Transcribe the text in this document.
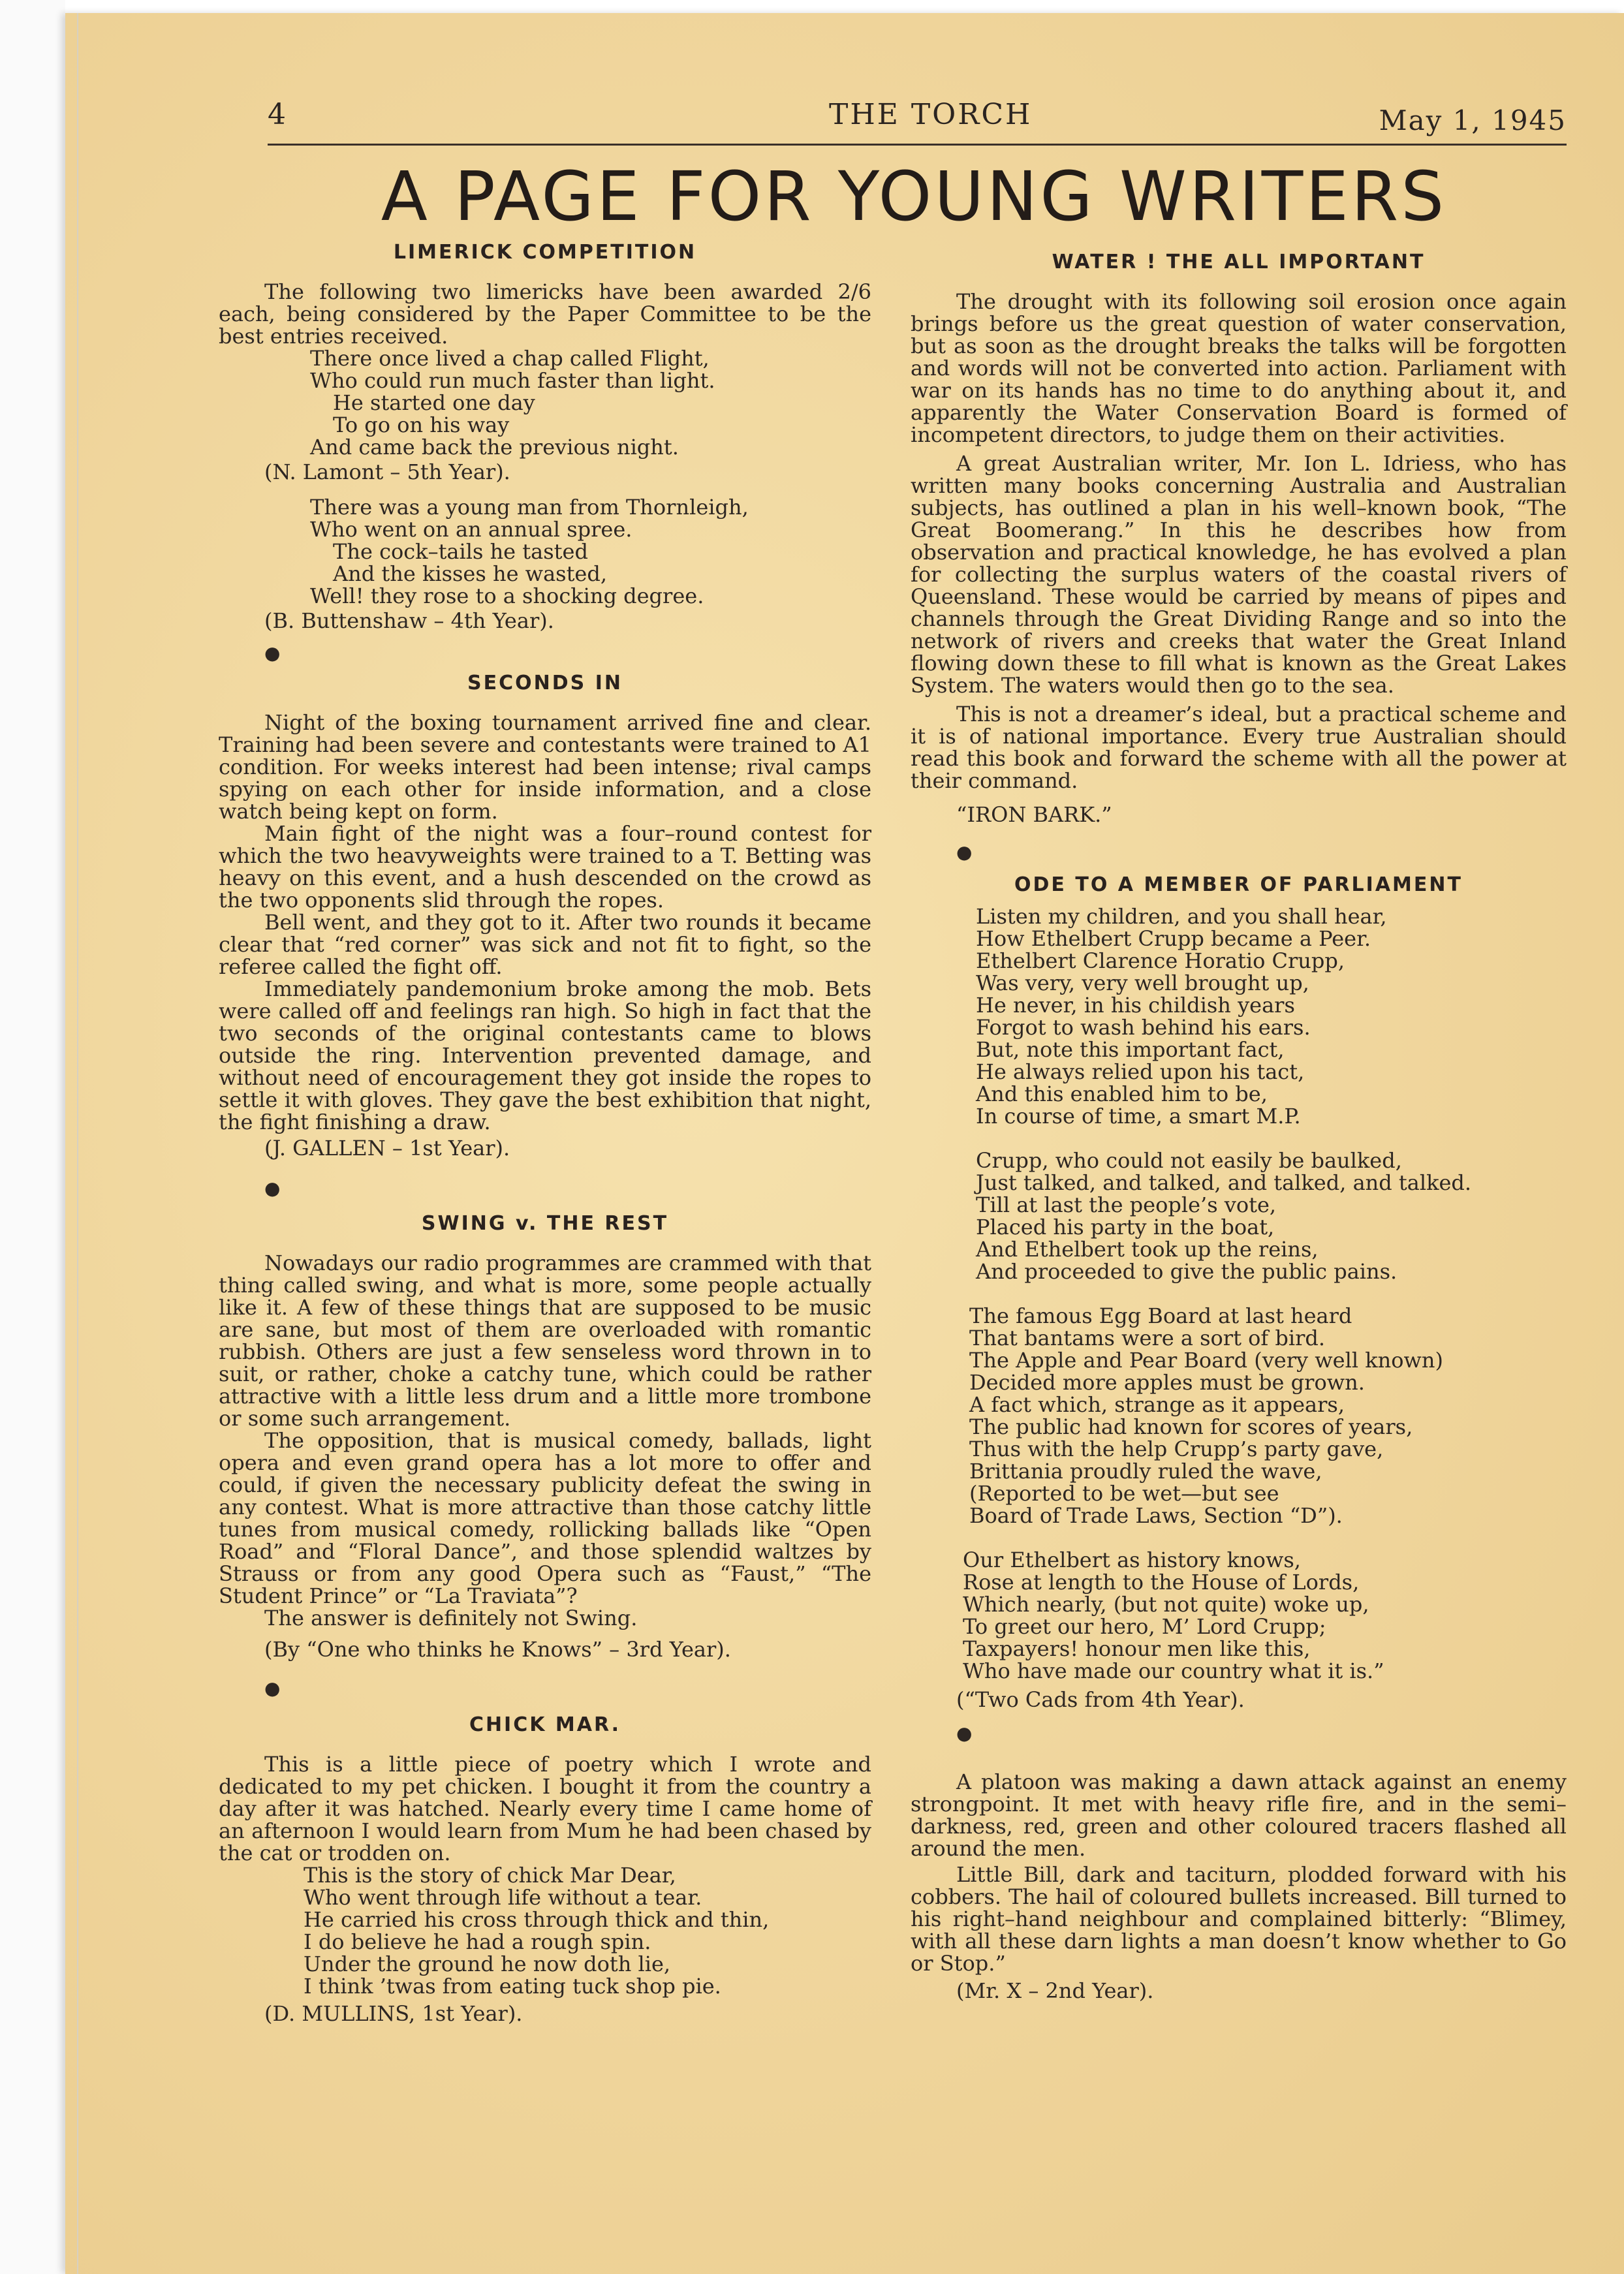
4	THE TORCH	May 1, 1945
A PAGE FOR YOUNG WRITERS
LIMERICK COMPETITION

The following two limericks have been awarded 2/6 each, being considered by the Paper Committee to be the best entries received.

There once lived a chap called Flight,
Who could run much faster than light.
He started one day
To go on his way
And came back the previous night.

(N. Lamont – 5th Year).

There was a young man from Thornleigh,
Who went on an annual spree.
The cock–tails he tasted
And the kisses he wasted,
Well! they rose to a shocking degree.

(B. Buttenshaw – 4th Year).

●

SECONDS IN

Night of the boxing tournament arrived fine and clear. Training had been severe and contestants were trained to A1 condition. For weeks interest had been intense; rival camps spying on each other for inside information, and a close watch being kept on form.

Main fight of the night was a four–round contest for which the two heavyweights were trained to a T. Betting was heavy on this event, and a hush descended on the crowd as the two opponents slid through the ropes.

Bell went, and they got to it. After two rounds it became clear that “red corner” was sick and not fit to fight, so the referee called the fight off.

Immediately pandemonium broke among the mob. Bets were called off and feelings ran high. So high in fact that the two seconds of the original contestants came to blows outside the ring. Intervention prevented damage, and without need of encouragement they got inside the ropes to settle it with gloves. They gave the best exhibition that night, the fight finishing a draw.

(J. GALLEN – 1st Year).

●

SWING v. THE REST

Nowadays our radio programmes are crammed with that thing called swing, and what is more, some people actually like it. A few of these things that are supposed to be music are sane, but most of them are overloaded with romantic rubbish. Others are just a few senseless word thrown in to suit, or rather, choke a catchy tune, which could be rather attractive with a little less drum and a little more trombone or some such arrangement.

The opposition, that is musical comedy, ballads, light opera and even grand opera has a lot more to offer and could, if given the necessary publicity defeat the swing in any contest. What is more attractive than those catchy little tunes from musical comedy, rollicking ballads like “Open Road” and “Floral Dance”, and those splendid waltzes by Strauss or from any good Opera such as “Faust,” “The Student Prince” or “La Traviata”?

The answer is definitely not Swing.

(By “One who thinks he Knows” – 3rd Year).

●

CHICK MAR.

This is a little piece of poetry which I wrote and dedicated to my pet chicken. I bought it from the country a day after it was hatched. Nearly every time I came home of an afternoon I would learn from Mum he had been chased by the cat or trodden on.

This is the story of chick Mar Dear,
Who went through life without a tear.
He carried his cross through thick and thin,
I do believe he had a rough spin.
Under the ground he now doth lie,
I think ’twas from eating tuck shop pie.

(D. MULLINS, 1st Year).

WATER ! THE ALL IMPORTANT

The drought with its following soil erosion once again brings before us the great question of water conservation, but as soon as the drought breaks the talks will be forgotten and words will not be converted into action. Parliament with war on its hands has no time to do anything about it, and apparently the Water Conservation Board is formed of incompetent directors, to judge them on their activities.

A great Australian writer, Mr. Ion L. Idriess, who has written many books concerning Australia and Australian subjects, has outlined a plan in his well–known book, “The Great Boomerang.” In this he describes how from observation and practical knowledge, he has evolved a plan for collecting the surplus waters of the coastal rivers of Queensland. These would be carried by means of pipes and channels through the Great Dividing Range and so into the network of rivers and creeks that water the Great Inland flowing down these to fill what is known as the Great Lakes System. The waters would then go to the sea.

This is not a dreamer’s ideal, but a practical scheme and it is of national importance. Every true Australian should read this book and forward the scheme with all the power at their command.

“IRON BARK.”

●

ODE TO A MEMBER OF PARLIAMENT
Listen my children, and you shall hear,
How Ethelbert Crupp became a Peer.
Ethelbert Clarence Horatio Crupp,
Was very, very well brought up,
He never, in his childish years
Forgot to wash behind his ears.
But, note this important fact,
He always relied upon his tact,
And this enabled him to be,
In course of time, a smart M.P.
Crupp, who could not easily be baulked,
Just talked, and talked, and talked, and talked.
Till at last the people’s vote,
Placed his party in the boat,
And Ethelbert took up the reins,
And proceeded to give the public pains.
The famous Egg Board at last heard
That bantams were a sort of bird.
The Apple and Pear Board (very well known)
Decided more apples must be grown.
A fact which, strange as it appears,
The public had known for scores of years,
Thus with the help Crupp’s party gave,
Brittania proudly ruled the wave,
(Reported to be wet—but see
Board of Trade Laws, Section “D”).
Our Ethelbert as history knows,
Rose at length to the House of Lords,
Which nearly, (but not quite) woke up,
To greet our hero, M’ Lord Crupp;
Taxpayers! honour men like this,
Who have made our country what it is.”

(“Two Cads from 4th Year).

●

A platoon was making a dawn attack against an enemy strongpoint. It met with heavy rifle fire, and in the semi–darkness, red, green and other coloured tracers flashed all around the men.

Little Bill, dark and taciturn, plodded forward with his cobbers. The hail of coloured bullets increased. Bill turned to his right–hand neighbour and complained bitterly: “Blimey, with all these darn lights a man doesn’t know whether to Go or Stop.”

(Mr. X – 2nd Year).
